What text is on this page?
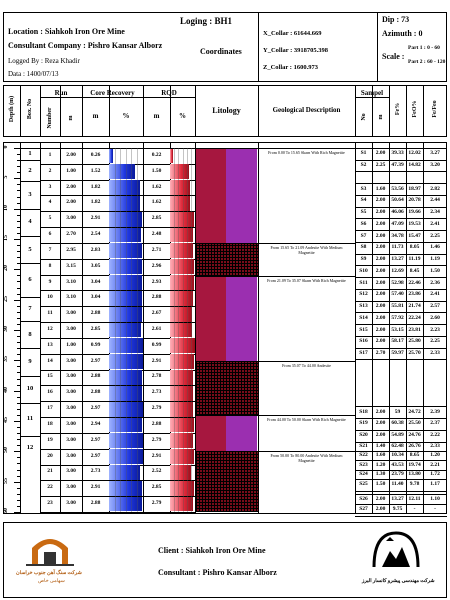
Location : Siahkoh Iron Ore Mine
Consultant Company : Pishro Kansar Alborz
Logged By : Reza Khadir
Data : 1400/07/13
Loging : BH1
Coordinates
X_Collar : 61644.669
Y_Collar : 3918705.398
Z_Collar : 1600.973
Dip : 73
Azimuth : 0
Scale :
Part 1 : 0 - 60
Part 2 : 60 - 120
Depth (m) Box. No
Run
Number	m
Core Recovery
m	%
RQD
m	%
Litology	Geological Description
Sampel
No m
Fe% FeO% Fe/Feo
0
5
10
15
20
25
30
35
40
45
50
55
60
1
2
3
4
5
6
7
8
9
10
11
12
1	2.00	0.26	0.22
2	1.00	1.52	1.50
3	2.00	1.82	1.62
4	2.00	1.82	1.62
5	3.00	2.91	2.85
6	2.70	2.54	2.48
7	2.95	2.83	2.71
8	3.15	3.05	2.96
9	3.10	3.04	2.93
10	3.10	3.04	2.88
11	3.00	2.88	2.67
12	3.00	2.85	2.61
13	1.00	0.99	0.99
14	3.00	2.97	2.91
15	3.00	2.88	2.78
16	3.00	2.88	2.73
17	3.00	2.97	2.79
18	3.00	2.94	2.88
19	3.00	2.97	2.79
20	3.00	2.97	2.91
21	3.00	2.73	2.52
22	3.00	2.91	2.85
23	3.00	2.88	2.79
From 0.00 To 15.65 Skarn With Rich Magnetite
From 15.65 To 21.09 Andesite With Medium Magnetite
From 21.09 To 35.07 Skarn With Rich Magnetite
From 35.07 To 44.00 Andesite
From 44.00 To 50.00 Skarn With Rich Magnetite
From 50.00 To 80.00 Andesite With Medium Magnetite
S1	2.00	39.33 12.02	3.27
S2	2.25	47.39 14.82	3.20
S3	1.60	53.56 18.97	2.82
S4	2.00	50.64 20.78	2.44
S5	2.00	46.06 19.66	2.34
S6	2.00	47.09 19.53	2.41
S7	2.00	34.78 15.47	2.25
S8	2.00	11.73	8.05	1.46
S9	2.00	13.27 11.19	1.19
S10	2.00	12.69	8.45	1.50
S11	2.00	52.98 22.46	2.36
S12	2.00	57.40 23.86	2.41
S13	2.00	55.81 21.74	2.57
S14	2.00	57.92 22.24	2.60
S15	2.00	53.15 23.81	2.23
S16	2.00	58.17 25.80	2.25
S17	2.70	59.97 25.70	2.33
S18	2.00	59	24.72	2.39
S19	2.00	60.38 25.50	2.37
S20	2.00	54.89 24.76	2.22
S21	1.40	62.48 26.76	2.33
S22	1.60	10.34	8.65	1.20
S23	1.20	43.53 19.74	2.21
S24	1.30	23.79 13.80	1.72
S25	1.50	11.40	9.78	1.17
S26	2.00	13.27 12.11	1.10
S27	2.00	9.75	-	-
Client : Siahkoh Iron Ore Mine
Consultant : Pishro Kansar Alborz
شرکت سنگ آهن جنوب خراسان
سهامی خاص	شرکت مهندسی پیشرو کانسار البرز
